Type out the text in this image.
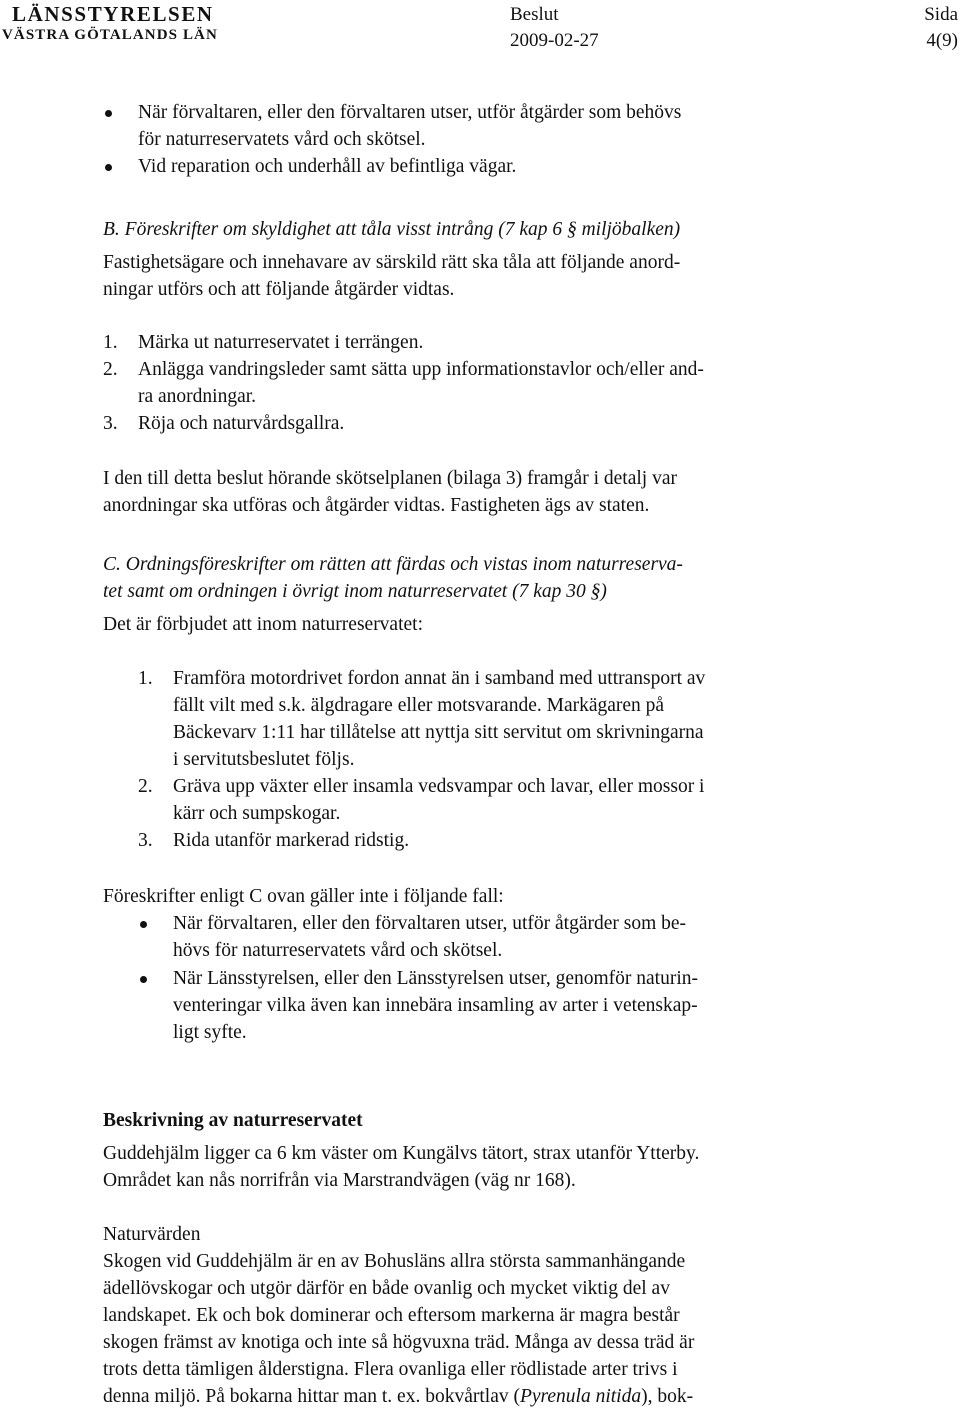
LÄNSSTYRELSEN
VÄSTRA GÖTALANDS LÄN
Beslut
2009-02-27
Sida
4(9)
När förvaltaren, eller den förvaltaren utser, utför åtgärder som behövs
för naturreservatets vård och skötsel.
Vid reparation och underhåll av befintliga vägar.
B. Föreskrifter om skyldighet att tåla visst intrång (7 kap 6 § miljöbalken)
Fastighetsägare och innehavare av särskild rätt ska tåla att följande anord-
ningar utförs och att följande åtgärder vidtas.
1. Märka ut naturreservatet i terrängen.
2. Anlägga vandringsleder samt sätta upp informationstavlor och/eller and-
ra anordningar.
3. Röja och naturvårdsgallra.
I den till detta beslut hörande skötselplanen (bilaga 3) framgår i detalj var
anordningar ska utföras och åtgärder vidtas. Fastigheten ägs av staten.
C. Ordningsföreskrifter om rätten att färdas och vistas inom naturreserva-
tet samt om ordningen i övrigt inom naturreservatet (7 kap 30 §)
Det är förbjudet att inom naturreservatet:
1. Framföra motordrivet fordon annat än i samband med uttransport av
fällt vilt med s.k. älgdragare eller motsvarande. Markägaren på
Bäckevarv 1:11 har tillåtelse att nyttja sitt servitut om skrivningarna
i servitutsbeslutet följs.
2. Gräva upp växter eller insamla vedsvampar och lavar, eller mossor i
kärr och sumpskogar.
3. Rida utanför markerad ridstig.
Föreskrifter enligt C ovan gäller inte i följande fall:
När förvaltaren, eller den förvaltaren utser, utför åtgärder som be-
hövs för naturreservatets vård och skötsel.
När Länsstyrelsen, eller den Länsstyrelsen utser, genomför naturin-
venteringar vilka även kan innebära insamling av arter i vetenskap-
ligt syfte.
Beskrivning av naturreservatet
Guddehjälm ligger ca 6 km väster om Kungälvs tätort, strax utanför Ytterby.
Området kan nås norrifrån via Marstrandvägen (väg nr 168).
Naturvärden
Skogen vid Guddehjälm är en av Bohusläns allra största sammanhängande
ädellövskogar och utgör därför en både ovanlig och mycket viktig del av
landskapet. Ek och bok dominerar och eftersom markerna är magra består
skogen främst av knotiga och inte så högvuxna träd. Många av dessa träd är
trots detta tämligen ålderstigna. Flera ovanliga eller rödlistade arter trivs i
denna miljö. På bokarna hittar man t. ex. bokvårtlav (Pyrenula nitida), bok-
